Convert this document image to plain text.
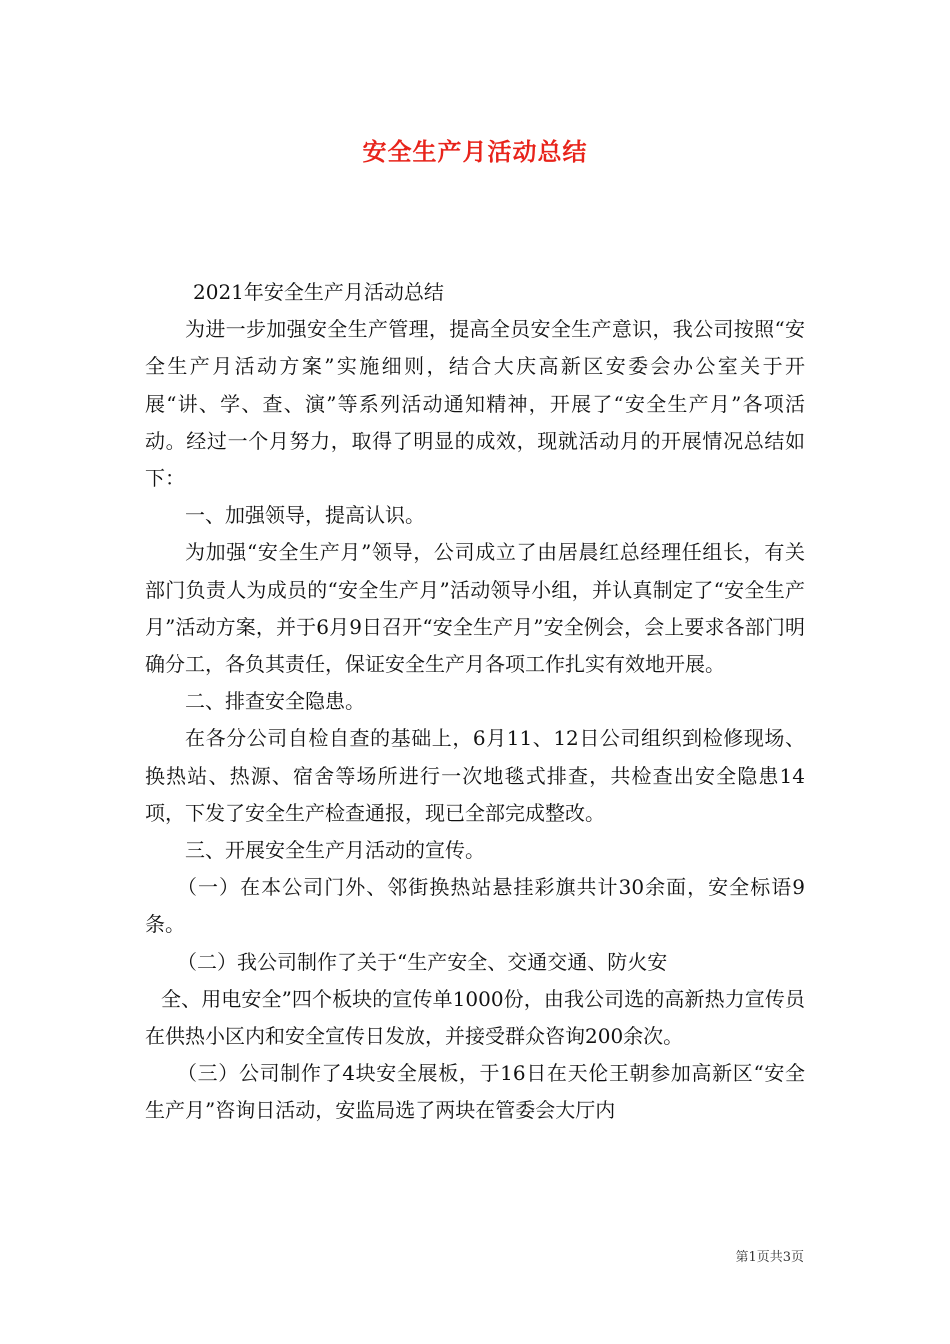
安全生产月活动总结

2021年安全生产月活动总结

为进一步加强安全生产管理，提高全员安全生产意识，我公司按照“安全生产月活动方案”实施细则，结合大庆高新区安委会办公室关于开展“讲、学、查、演”等系列活动通知精神，开展了“安全生产月”各项活动。经过一个月努力，取得了明显的成效，现就活动月的开展情况总结如下：

一、加强领导，提高认识。

为加强“安全生产月”领导，公司成立了由居晨红总经理任组长，有关部门负责人为成员的“安全生产月”活动领导小组，并认真制定了“安全生产月”活动方案，并于6月9日召开“安全生产月”安全例会，会上要求各部门明确分工，各负其责任，保证安全生产月各项工作扎实有效地开展。

二、排查安全隐患。

在各分公司自检自查的基础上，6月11、12日公司组织到检修现场、换热站、热源、宿舍等场所进行一次地毯式排查，共检查出安全隐患14项，下发了安全生产检查通报，现已全部完成整改。

三、开展安全生产月活动的宣传。

（一）在本公司门外、邻街换热站悬挂彩旗共计30余面，安全标语9条。

（二）我公司制作了关于“生产安全、交通交通、防火安

全、用电安全”四个板块的宣传单1000份，由我公司选的高新热力宣传员在供热小区内和安全宣传日发放，并接受群众咨询200余次。

（三）公司制作了4块安全展板，于16日在天伦王朝参加高新区“安全生产月”咨询日活动，安监局选了两块在管委会大厅内

第1页共3页
